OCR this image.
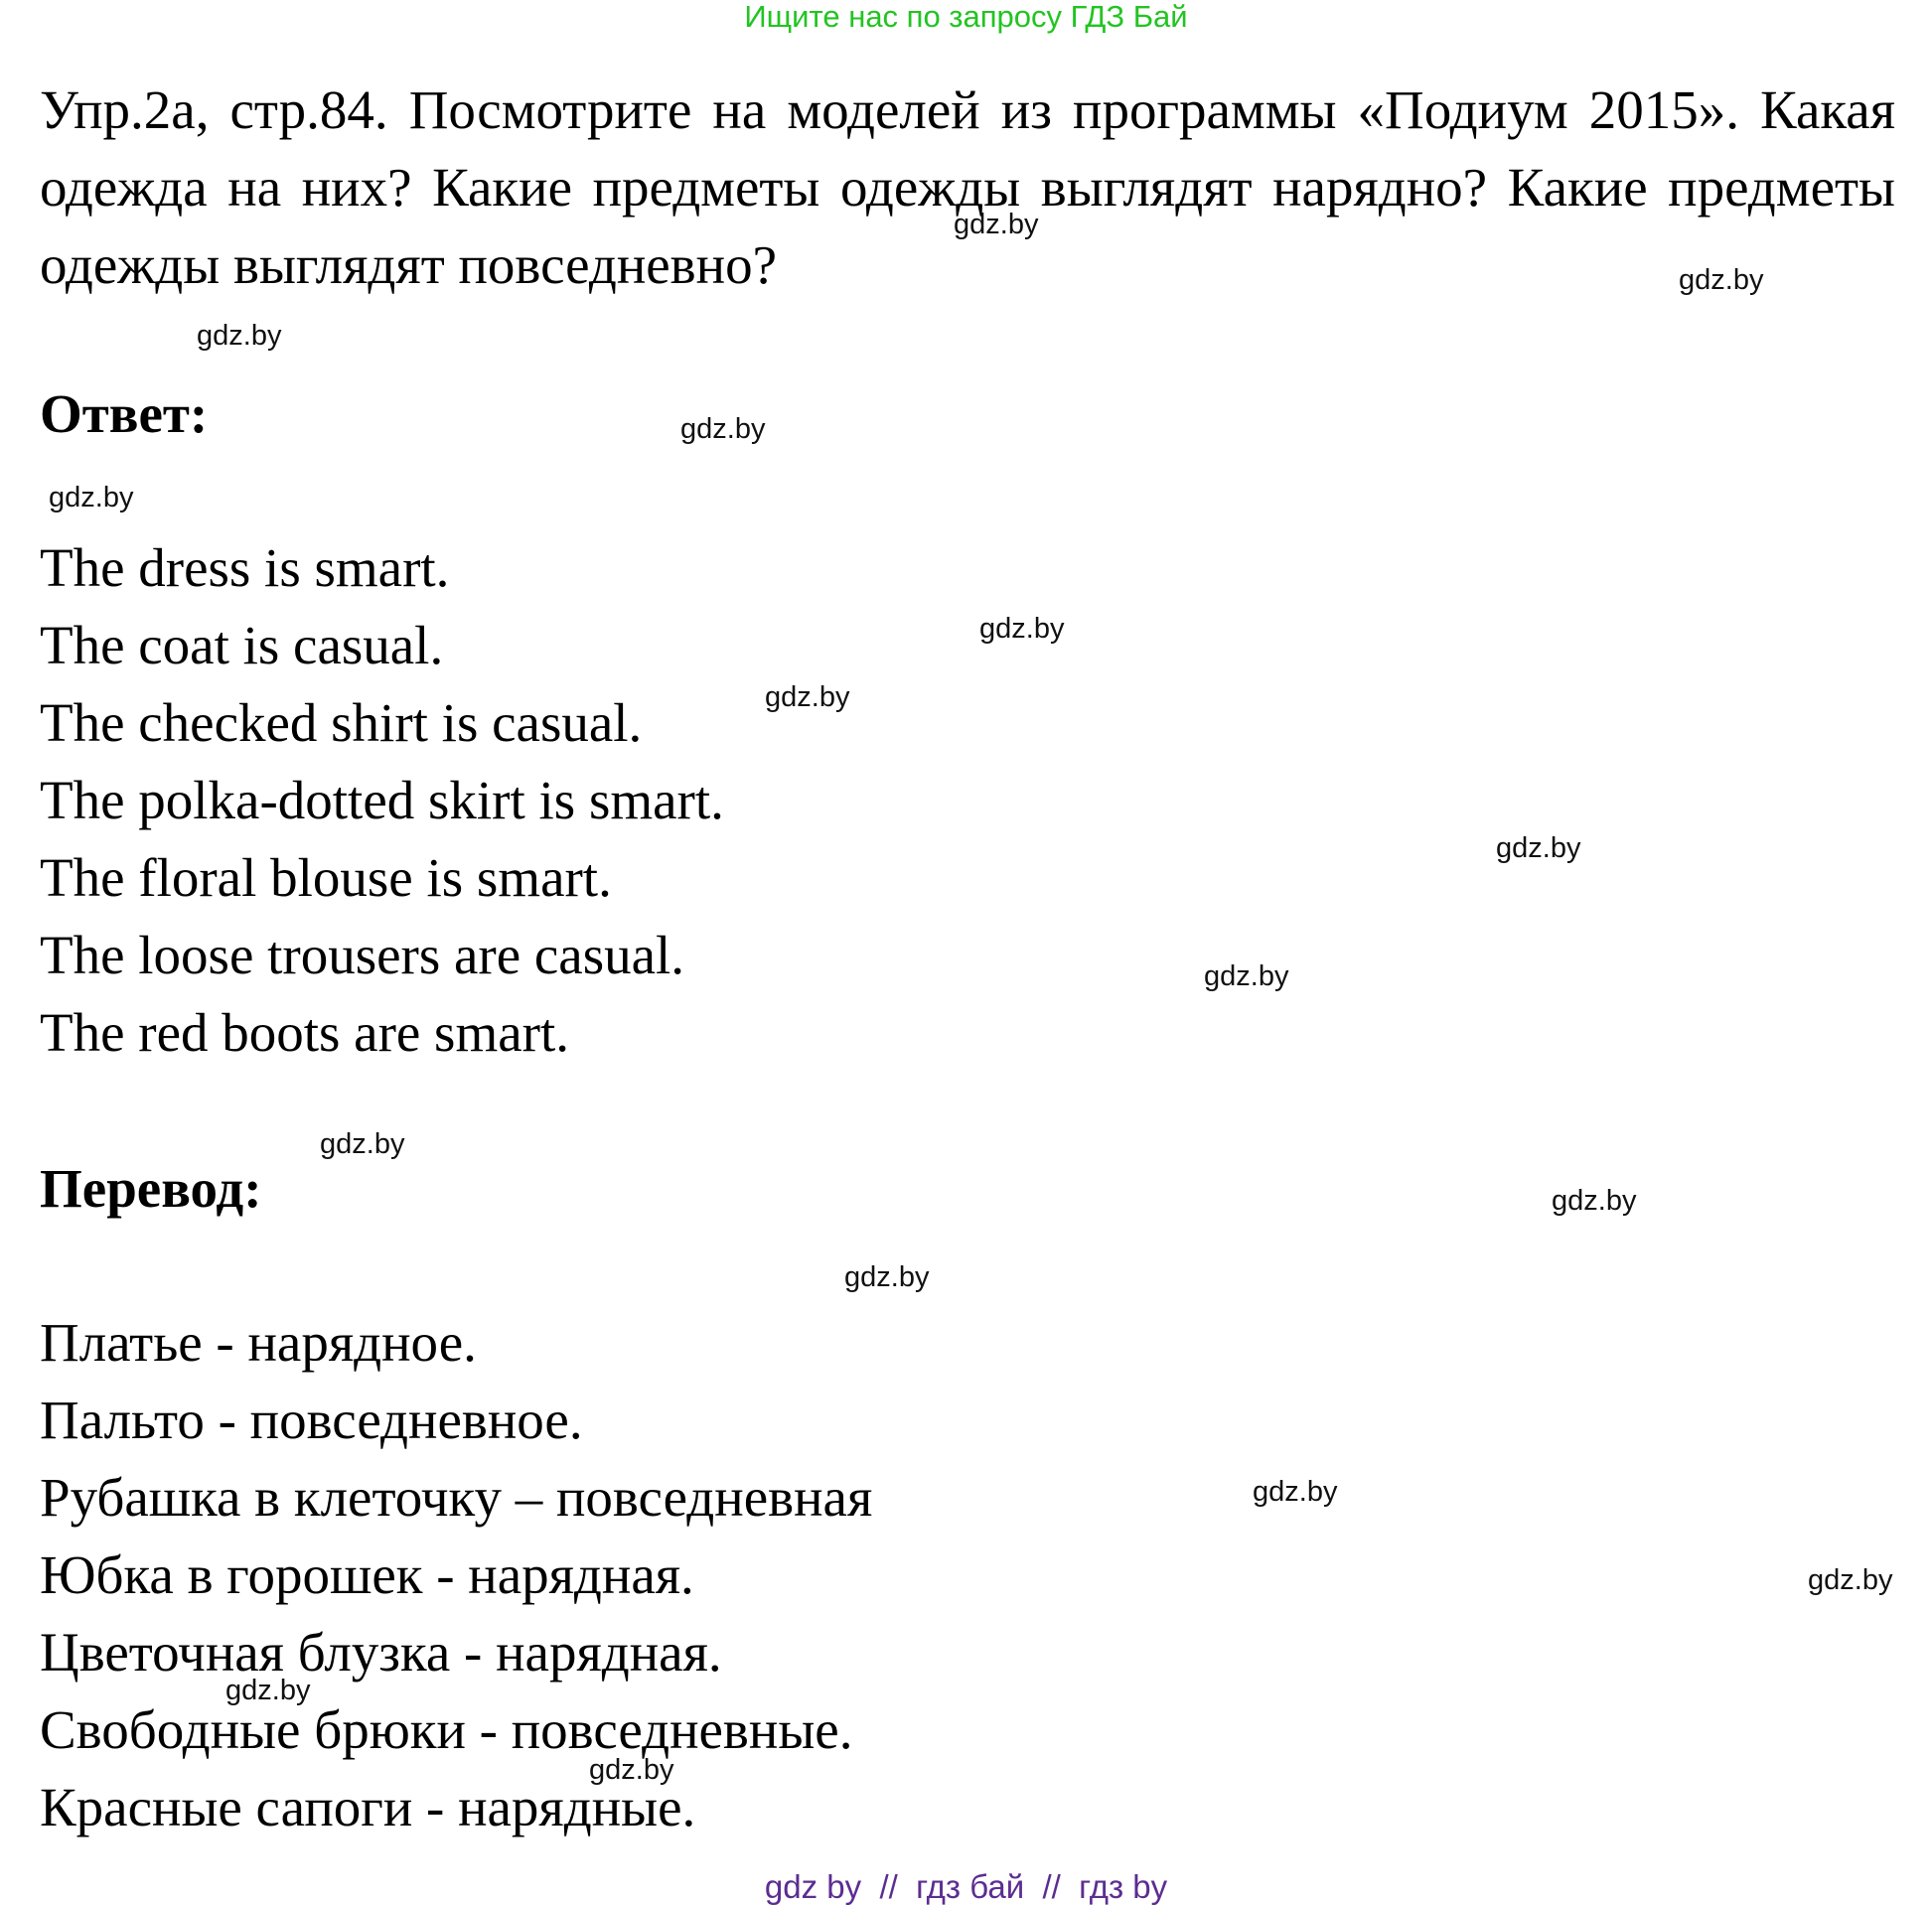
Ищите нас по запросу ГДЗ Бай
Упр.2а, стр.84. Посмотрите на моделей из программы «Подиум 2015». Какая одежда на них? Какие предметы одежды выглядят нарядно? Какие предметы одежды выглядят повседневно?
gdz.by
gdz.by
gdz.by
Ответ:	gdz.by
gdz.by
The dress is smart.
The coat is casual.
The checked shirt is casual.
The polka-dotted skirt is smart.
The floral blouse is smart.
The loose trousers are casual.
The red boots are smart.
gdz.by
gdz.by
gdz.by
gdz.by
gdz.by
Перевод:	gdz.by
gdz.by
Платье - нарядное.
Пальто - повседневное.
Рубашка в клеточку – повседневная
Юбка в горошек - нарядная.
Цветочная блузка - нарядная.
Свободные брюки - повседневные.
Красные сапоги - нарядные.
gdz.by
gdz.by
gdz.by
gdz.by
gdz by  //  гдз бай  //  гдз by
